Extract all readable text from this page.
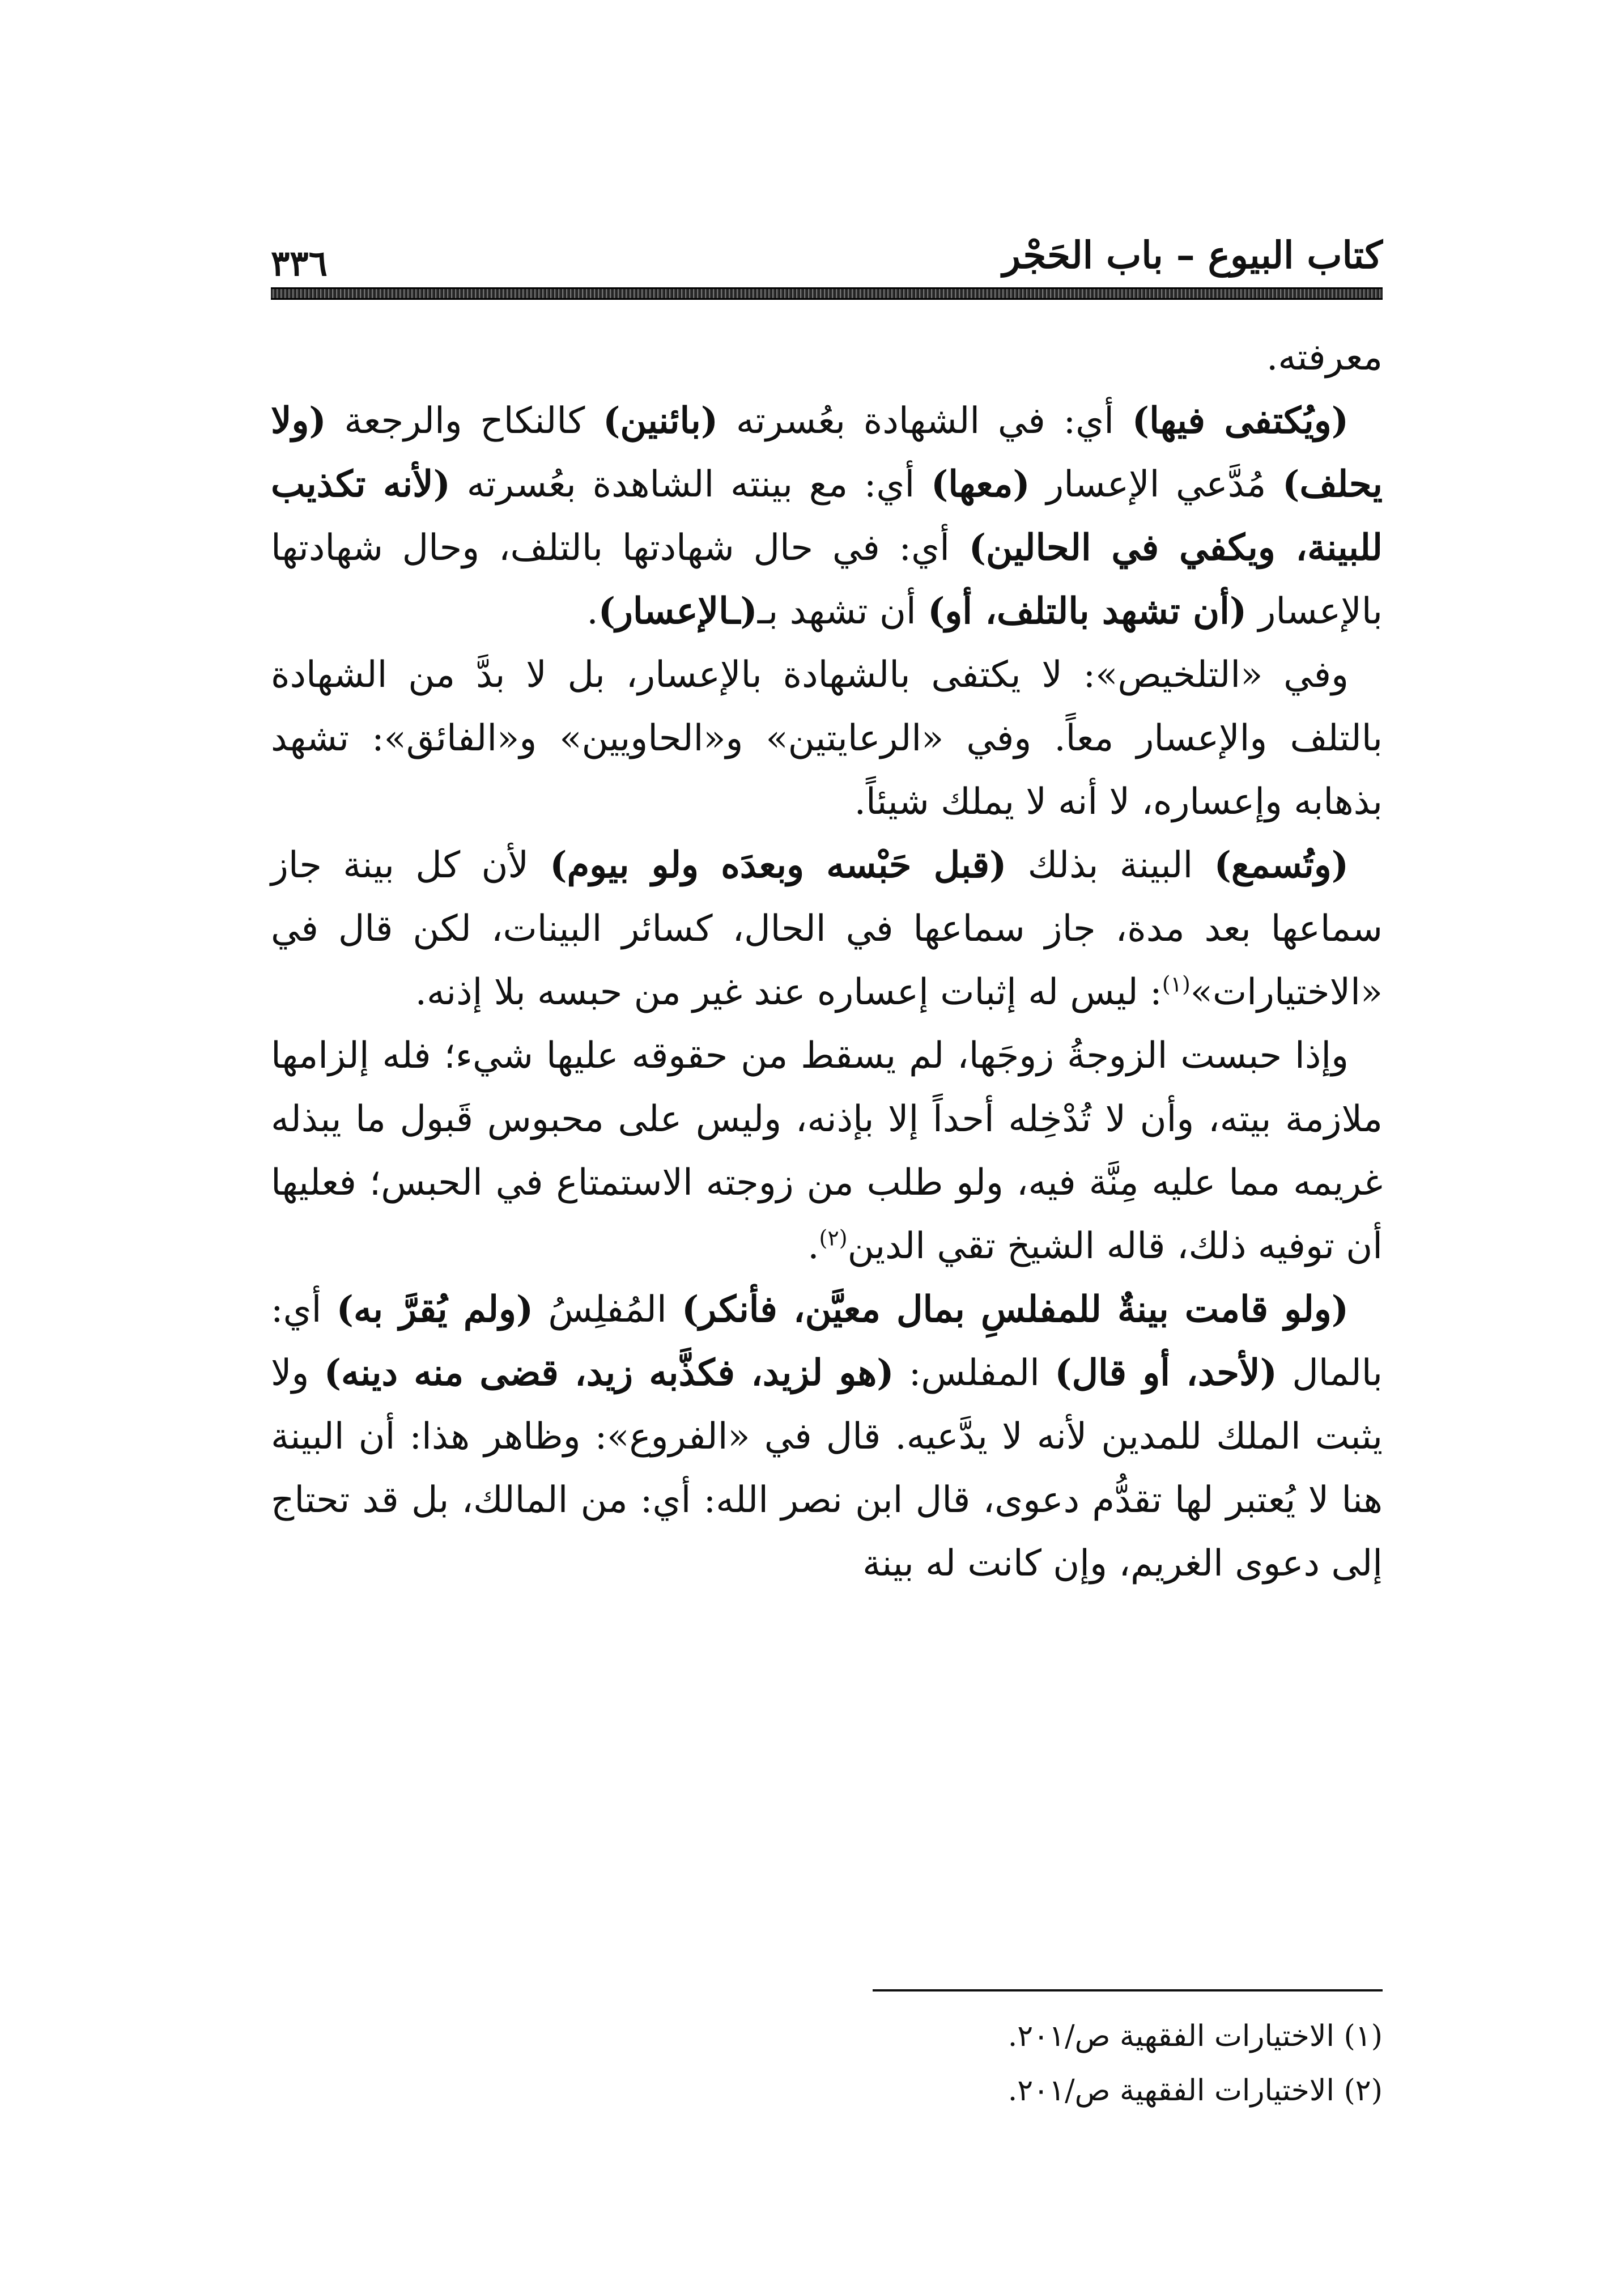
كتاب البيوع – باب الحَجْر
٣٣٦

معرفته.

(ويُكتفى فيها) أي: في الشهادة بعُسرته (بائنين) كالنكاح والرجعة (ولا يحلف) مُدَّعي الإعسار (معها) أي: مع بينته الشاهدة بعُسرته (لأنه تكذيب للبينة، ويكفي في الحالين) أي: في حال شهادتها بالتلف، وحال شهادتها بالإعسار (أن تشهد بالتلف، أو) أن تشهد بـ(ـالإعسار).

وفي «التلخيص»: لا يكتفى بالشهادة بالإعسار، بل لا بدَّ من الشهادة بالتلف والإعسار معاً. وفي «الرعايتين» و«الحاويين» و«الفائق»: تشهد بذهابه وإعساره، لا أنه لا يملك شيئاً.

(وتُسمع) البينة بذلك (قبل حَبْسه وبعدَه ولو بيوم) لأن كل بينة جاز سماعها بعد مدة، جاز سماعها في الحال، كسائر البينات، لكن قال في «الاختيارات»$^{(١)}$: ليس له إثبات إعساره عند غير من حبسه بلا إذنه.

وإذا حبست الزوجةُ زوجَها، لم يسقط من حقوقه عليها شيء؛ فله إلزامها ملازمة بيته، وأن لا تُدْخِله أحداً إلا بإذنه، وليس على محبوس قَبول ما يبذله غريمه مما عليه مِنَّة فيه، ولو طلب من زوجته الاستمتاع في الحبس؛ فعليها أن توفيه ذلك، قاله الشيخ تقي الدين$^{(٢)}$.

(ولو قامت بينةٌ للمفلسِ بمال معيَّن، فأنكر) المُفلِسُ (ولم يُقرَّ به) أي: بالمال (لأحد، أو قال) المفلس: (هو لزيد، فكذَّبه زيد، قضى منه دينه) ولا يثبت الملك للمدين لأنه لا يدَّعيه. قال في «الفروع»: وظاهر هذا: أن البينة هنا لا يُعتبر لها تقدُّم دعوى، قال ابن نصر الله: أي: من المالك، بل قد تحتاج إلى دعوى الغريم، وإن كانت له بينة

(١) الاختيارات الفقهية ص/٢٠١.
(٢) الاختيارات الفقهية ص/٢٠١.
